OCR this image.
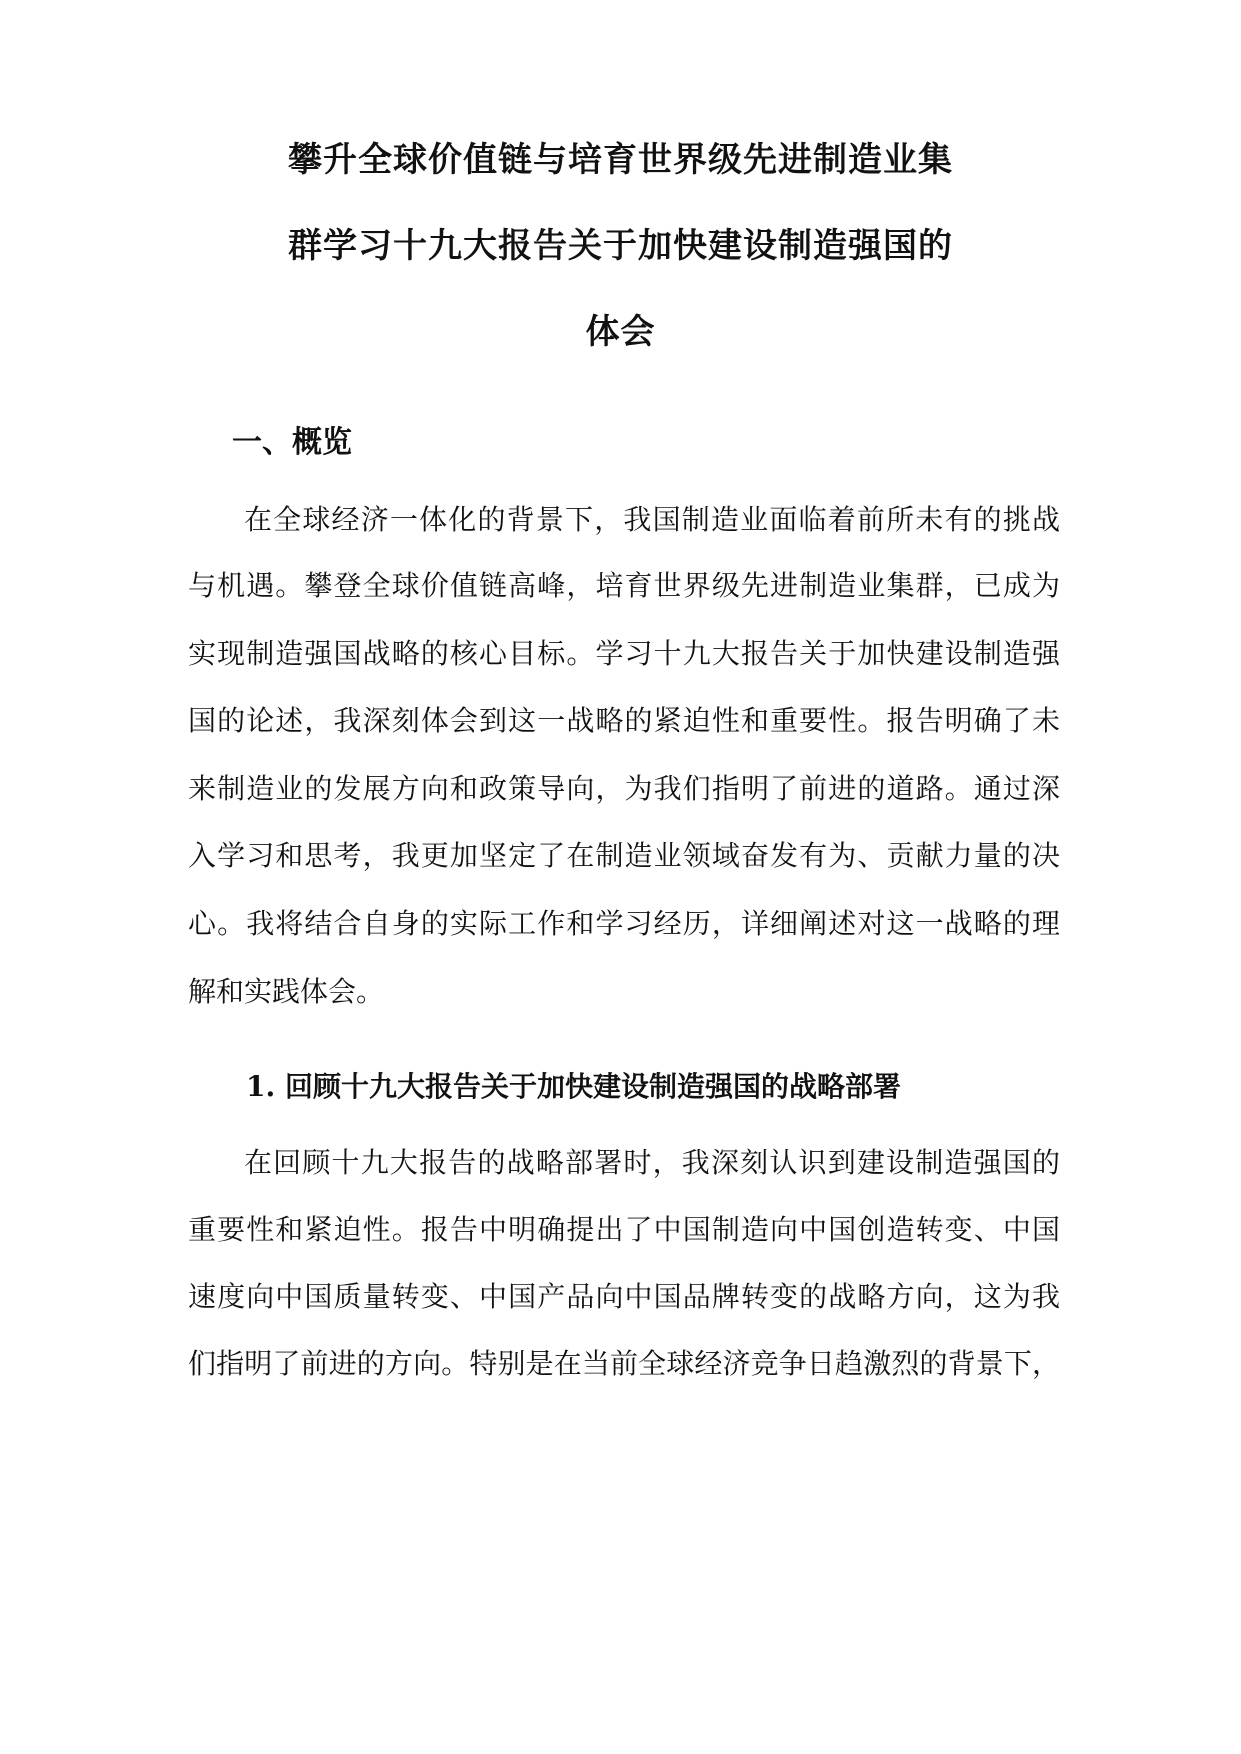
攀升全球价值链与培育世界级先进制造业集
群学习十九大报告关于加快建设制造强国的
体会
一、概览
在全球经济一体化的背景下，我国制造业面临着前所未有的挑战
与机遇。攀登全球价值链高峰，培育世界级先进制造业集群，已成为
实现制造强国战略的核心目标。学习十九大报告关于加快建设制造强
国的论述，我深刻体会到这一战略的紧迫性和重要性。报告明确了未
来制造业的发展方向和政策导向，为我们指明了前进的道路。通过深
入学习和思考，我更加坚定了在制造业领域奋发有为、贡献力量的决
心。我将结合自身的实际工作和学习经历，详细阐述对这一战略的理
解和实践体会。
1. 回顾十九大报告关于加快建设制造强国的战略部署
在回顾十九大报告的战略部署时，我深刻认识到建设制造强国的
重要性和紧迫性。报告中明确提出了中国制造向中国创造转变、中国
速度向中国质量转变、中国产品向中国品牌转变的战略方向，这为我
们指明了前进的方向。特别是在当前全球经济竞争日趋激烈的背景下，
